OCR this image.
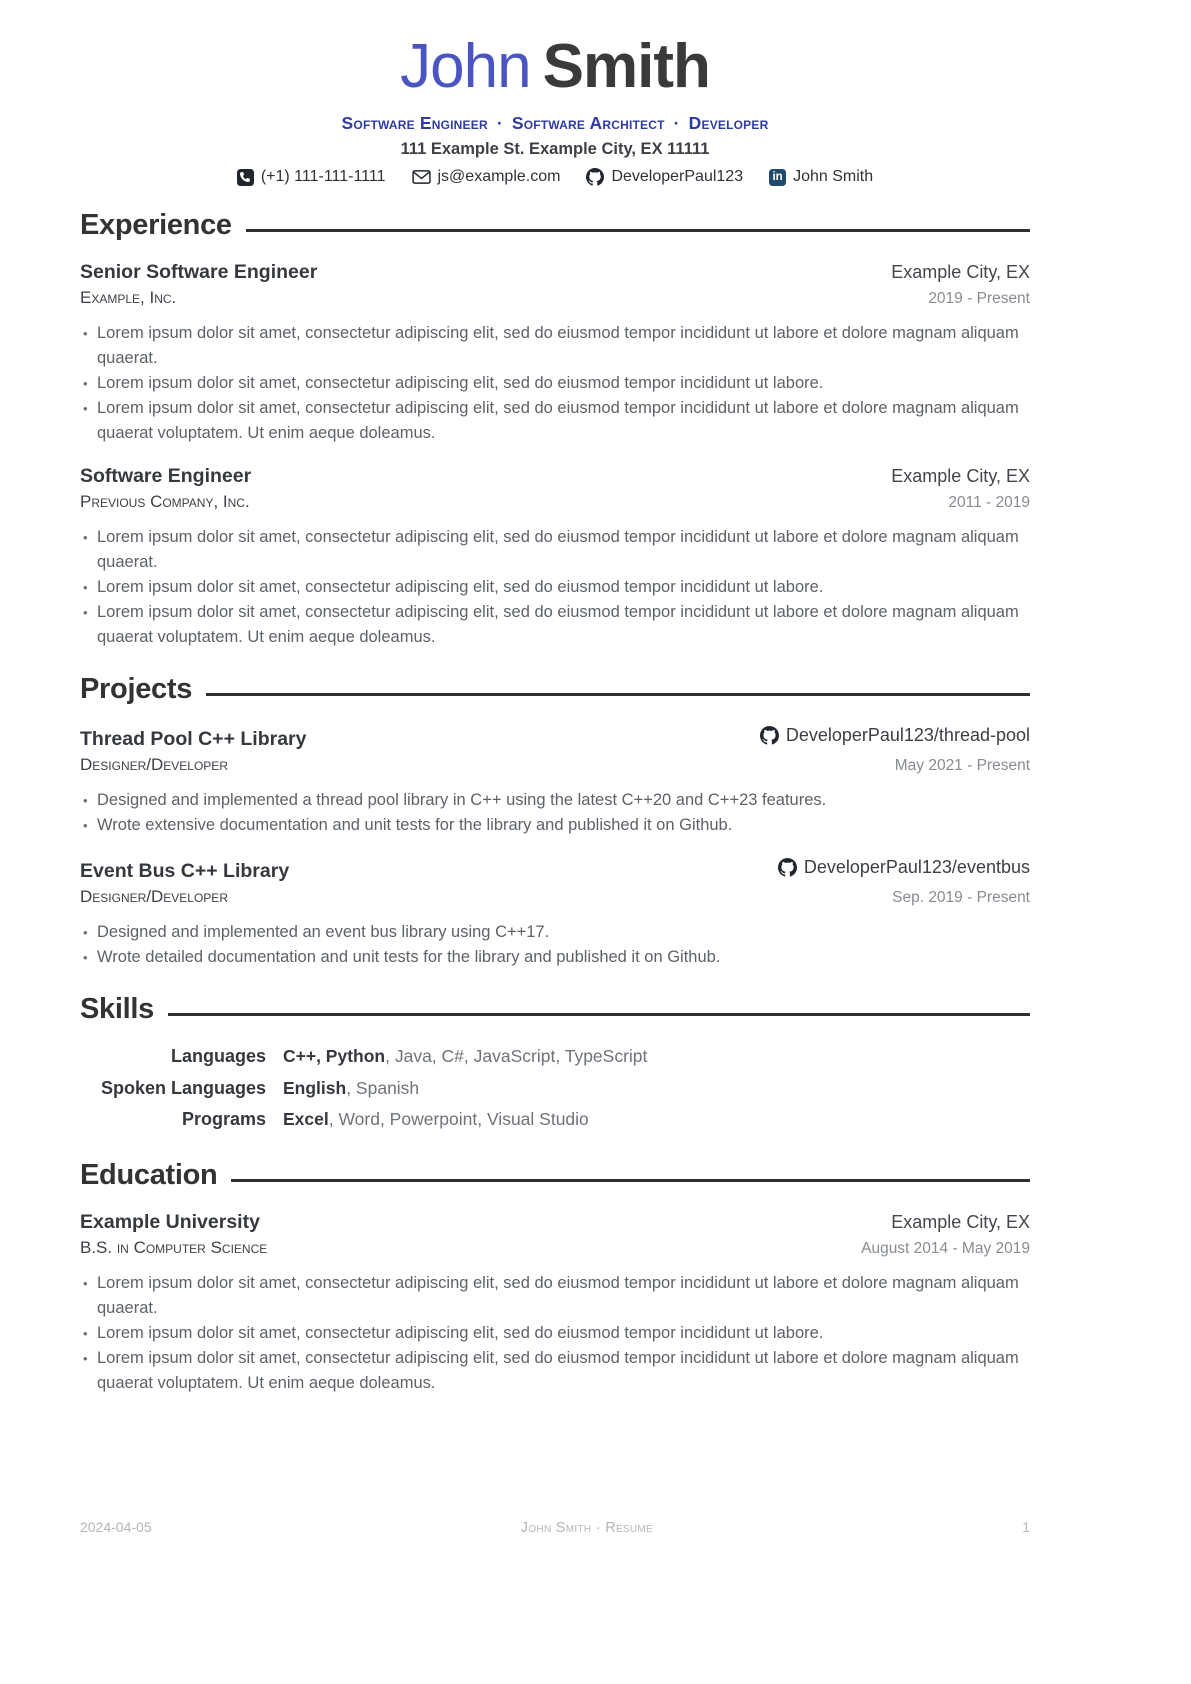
John Smith
Software Engineer · Software Architect · Developer
111 Example St. Example City, EX 11111
(+1) 111-111-1111	js@example.com	DeveloperPaul123 in	John Smith
Experience
Senior Software Engineer	Example City, EX
Example, Inc.	2019 - Present
• Lorem ipsum dolor sit amet, consectetur adipiscing elit, sed do eiusmod tempor incididunt ut labore et dolore magnam aliquam quaerat.
• Lorem ipsum dolor sit amet, consectetur adipiscing elit, sed do eiusmod tempor incididunt ut labore.
• Lorem ipsum dolor sit amet, consectetur adipiscing elit, sed do eiusmod tempor incididunt ut labore et dolore magnam aliquam quaerat voluptatem. Ut enim aeque doleamus.
Software Engineer	Example City, EX
Previous Company, Inc.	2011 - 2019
• Lorem ipsum dolor sit amet, consectetur adipiscing elit, sed do eiusmod tempor incididunt ut labore et dolore magnam aliquam quaerat.
• Lorem ipsum dolor sit amet, consectetur adipiscing elit, sed do eiusmod tempor incididunt ut labore.
• Lorem ipsum dolor sit amet, consectetur adipiscing elit, sed do eiusmod tempor incididunt ut labore et dolore magnam aliquam quaerat voluptatem. Ut enim aeque doleamus.
Projects
Thread Pool C++ Library	DeveloperPaul123/thread-pool
Designer/Developer	May 2021 - Present
• Designed and implemented a thread pool library in C++ using the latest C++20 and C++23 features.
• Wrote extensive documentation and unit tests for the library and published it on Github.
Event Bus C++ Library	DeveloperPaul123/eventbus
Designer/Developer	Sep. 2019 - Present
• Designed and implemented an event bus library using C++17.
• Wrote detailed documentation and unit tests for the library and published it on Github.
Skills
Languages C++, Python, Java, C#, JavaScript, TypeScript
Spoken Languages English, Spanish
Programs Excel, Word, Powerpoint, Visual Studio
Education
Example University	Example City, EX
B.S. in Computer Science	August 2014 - May 2019
• Lorem ipsum dolor sit amet, consectetur adipiscing elit, sed do eiusmod tempor incididunt ut labore et dolore magnam aliquam quaerat.
• Lorem ipsum dolor sit amet, consectetur adipiscing elit, sed do eiusmod tempor incididunt ut labore.
• Lorem ipsum dolor sit amet, consectetur adipiscing elit, sed do eiusmod tempor incididunt ut labore et dolore magnam aliquam quaerat voluptatem. Ut enim aeque doleamus.
2024-04-05	John Smith · Résumé	1
